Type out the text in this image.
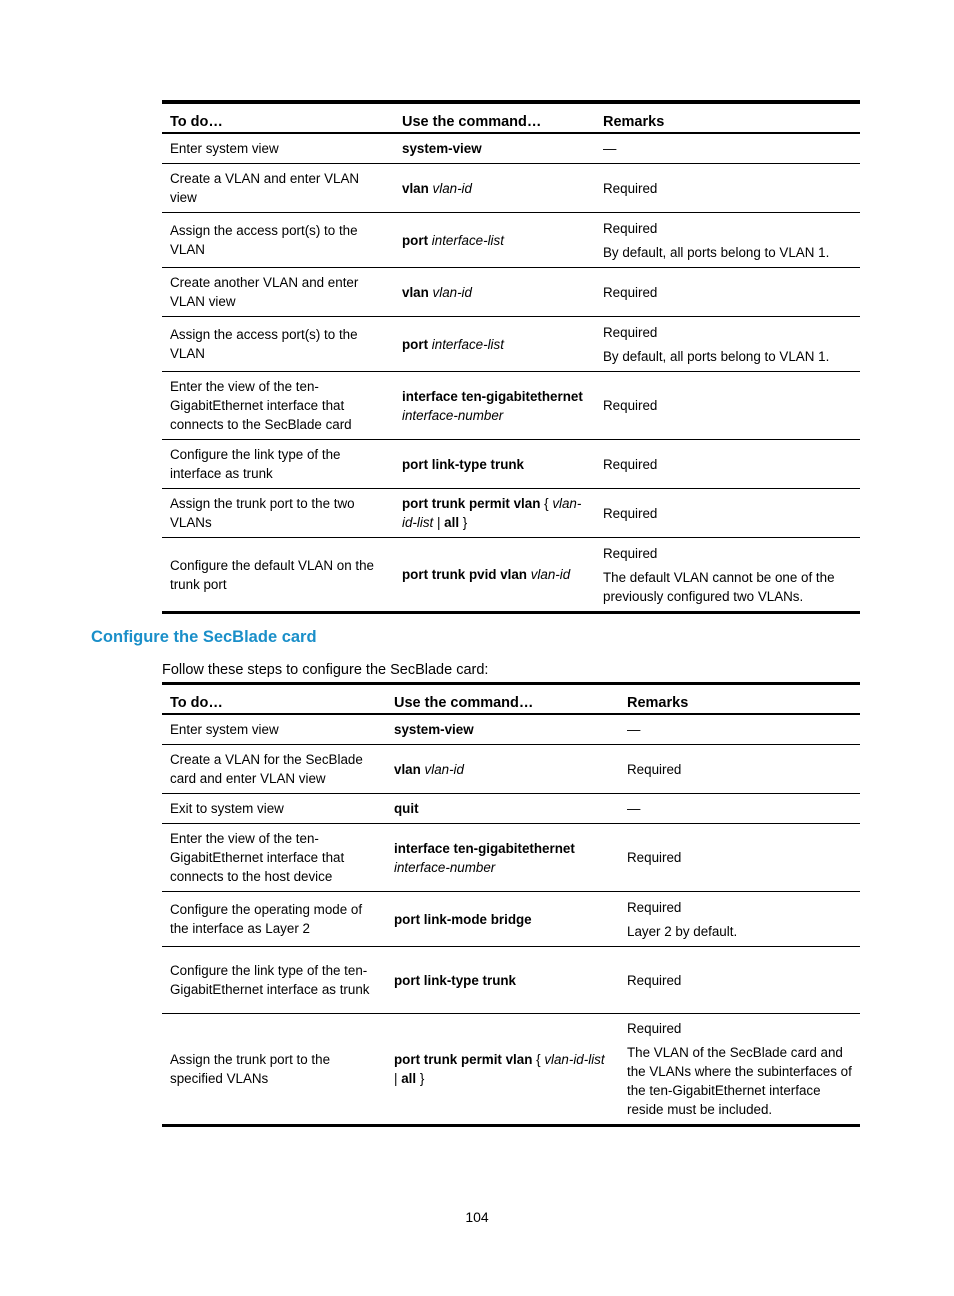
To do…	Use the command…	Remarks
Enter system view	system-view	—

Create a VLAN and enter VLAN view	vlan vlan-id	Required

Assign the access port(s) to the VLAN	port interface-list	Required
By default, all ports belong to VLAN 1.

Create another VLAN and enter VLAN view	vlan vlan-id	Required

Assign the access port(s) to the VLAN	port interface-list	Required
By default, all ports belong to VLAN 1.

Enter the view of the ten-GigabitEthernet interface that connects to the SecBlade card	interface ten-gigabitethernet interface-number	Required

Configure the link type of the interface as trunk	port link-type trunk	Required

Assign the trunk port to the two VLANs	port trunk permit vlan { vlan-id-list | all }	Required

Configure the default VLAN on the trunk port	port trunk pvid vlan vlan-id	Required
The default VLAN cannot be one of the previously configured two VLANs.
Configure the SecBlade card

Follow these steps to configure the SecBlade card:

To do…	Use the command…	Remarks
Enter system view	system-view	—

Create a VLAN for the SecBlade card and enter VLAN view	vlan vlan-id	Required

Exit to system view	quit	—

Enter the view of the ten-GigabitEthernet interface that connects to the host device	interface ten-gigabitethernet interface-number	Required

Configure the operating mode of the interface as Layer 2	port link-mode bridge	Required
Layer 2 by default.

Configure the link type of the ten-GigabitEthernet interface as trunk	port link-type trunk	Required

Assign the trunk port to the specified VLANs	port trunk permit vlan { vlan-id-list | all }	Required
The VLAN of the SecBlade card and the VLANs where the subinterfaces of the ten-GigabitEthernet interface reside must be included.
104
